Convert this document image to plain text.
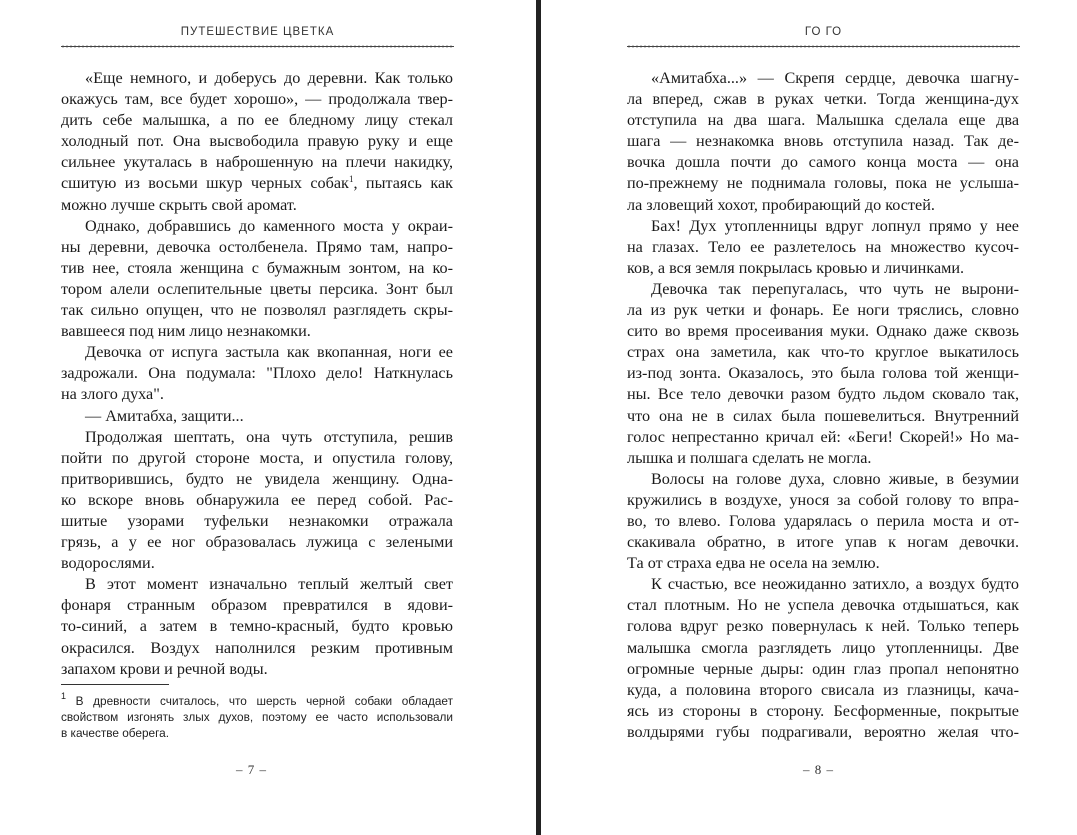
ПУТЕШЕСТВИЕ ЦВЕТКА
«Еще немного, и доберусь до деревни. Как только
окажусь там, все будет хорошо», — продолжала твер-
дить себе малышка, а по ее бледному лицу стекал
холодный пот. Она высвободила правую руку и еще
сильнее укуталась в наброшенную на плечи накидку,
сшитую из восьми шкур черных собак$^1$, пытаясь как
можно лучше скрыть свой аромат.
Однако, добравшись до каменного моста у окраи-
ны деревни, девочка остолбенела. Прямо там, напро-
тив нее, стояла женщина с бумажным зонтом, на ко-
тором алели ослепительные цветы персика. Зонт был
так сильно опущен, что не позволял разглядеть скры-
вавшееся под ним лицо незнакомки.
Девочка от испуга застыла как вкопанная, ноги ее
задрожали. Она подумала: "Плохо дело! Наткнулась
на злого духа".
— Амитабха, защити...
Продолжая шептать, она чуть отступила, решив
пойти по другой стороне моста, и опустила голову,
притворившись, будто не увидела женщину. Одна-
ко вскоре вновь обнаружила ее перед собой. Рас-
шитые узорами туфельки незнакомки отражала
грязь, а у ее ног образовалась лужица с зелеными
водорослями.
В этот момент изначально теплый желтый свет
фонаря странным образом превратился в ядови-
то-синий, а затем в темно-красный, будто кровью
окрасился. Воздух наполнился резким противным
запахом крови и речной воды.
$^1$ В древности считалось, что шерсть черной собаки обладает
свойством изгонять злых духов, поэтому ее часто использовали
в качестве оберега.
– 7 –
ГО ГО
«Амитабха...» — Скрепя сердце, девочка шагну-
ла вперед, сжав в руках четки. Тогда женщина-дух
отступила на два шага. Малышка сделала еще два
шага — незнакомка вновь отступила назад. Так де-
вочка дошла почти до самого конца моста — она
по-прежнему не поднимала головы, пока не услыша-
ла зловещий хохот, пробирающий до костей.
Бах! Дух утопленницы вдруг лопнул прямо у нее
на глазах. Тело ее разлетелось на множество кусоч-
ков, а вся земля покрылась кровью и личинками.
Девочка так перепугалась, что чуть не вырони-
ла из рук четки и фонарь. Ее ноги тряслись, словно
сито во время просеивания муки. Однако даже сквозь
страх она заметила, как что-то круглое выкатилось
из-под зонта. Оказалось, это была голова той женщи-
ны. Все тело девочки разом будто льдом сковало так,
что она не в силах была пошевелиться. Внутренний
голос непрестанно кричал ей: «Беги! Скорей!» Но ма-
лышка и полшага сделать не могла.
Волосы на голове духа, словно живые, в безумии
кружились в воздухе, унося за собой голову то впра-
во, то влево. Голова ударялась о перила моста и от-
скакивала обратно, в итоге упав к ногам девочки.
Та от страха едва не осела на землю.
К счастью, все неожиданно затихло, а воздух будто
стал плотным. Но не успела девочка отдышаться, как
голова вдруг резко повернулась к ней. Только теперь
малышка смогла разглядеть лицо утопленницы. Две
огромные черные дыры: один глаз пропал непонятно
куда, а половина второго свисала из глазницы, кача-
ясь из стороны в сторону. Бесформенные, покрытые
волдырями губы подрагивали, вероятно желая что-
– 8 –
